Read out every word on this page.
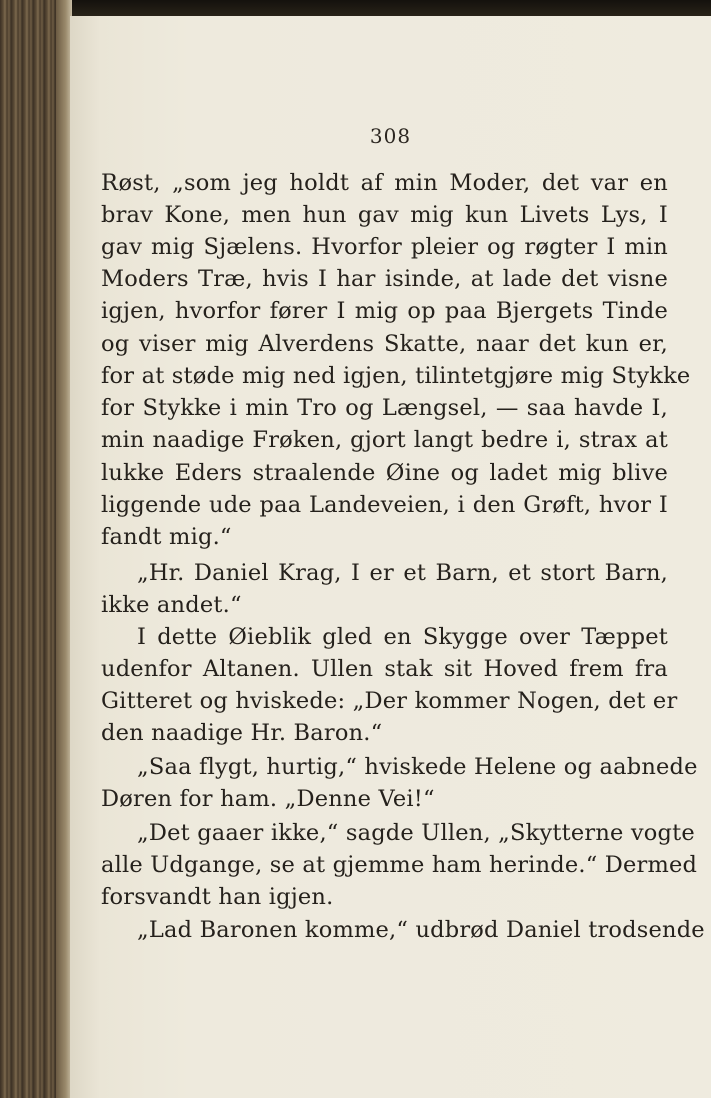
308
Røst, „som jeg holdt af min Moder, det var en
brav Kone, men hun gav mig kun Livets Lys, I
gav mig Sjælens. Hvorfor pleier og røgter I min
Moders Træ, hvis I har isinde, at lade det visne
igjen, hvorfor fører I mig op paa Bjergets Tinde
og viser mig Alverdens Skatte, naar det kun er,
for at støde mig ned igjen, tilintetgjøre mig Stykke
for Stykke i min Tro og Længsel, — saa havde I,
min naadige Frøken, gjort langt bedre i, strax at
lukke Eders straalende Øine og ladet mig blive
liggende ude paa Landeveien, i den Grøft, hvor I
fandt mig.“
„Hr. Daniel Krag, I er et Barn, et stort Barn,
ikke andet.“
I dette Øieblik gled en Skygge over Tæppet
udenfor Altanen. Ullen stak sit Hoved frem fra
Gitteret og hviskede: „Der kommer Nogen, det er
den naadige Hr. Baron.“
„Saa flygt, hurtig,“ hviskede Helene og aabnede
Døren for ham. „Denne Vei!“
„Det gaaer ikke,“ sagde Ullen, „Skytterne vogte
alle Udgange, se at gjemme ham herinde.“ Dermed
forsvandt han igjen.
„Lad Baronen komme,“ udbrød Daniel trodsende
